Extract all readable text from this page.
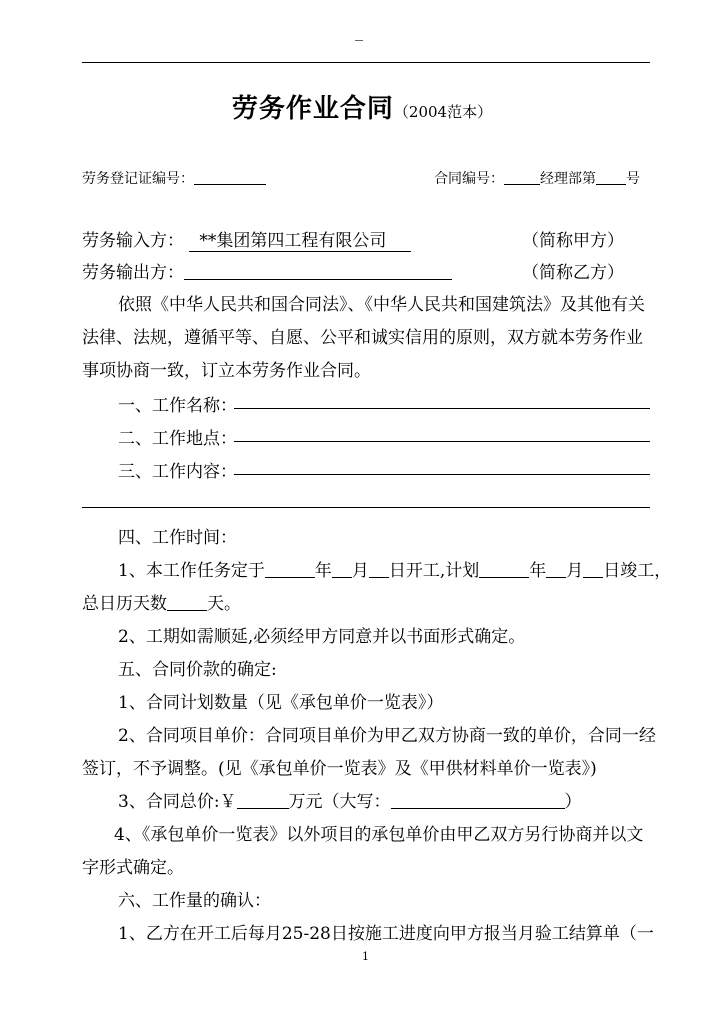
_
劳务作业合同（2004范本）
劳务登记证编号：	合同编号：	经理部第 号
劳务输入方： **集团第四工程有限公司	（简称甲方）
劳务输出方：	（简称乙方）
依照《中华人民共和国合同法》、《中华人民共和国建筑法》及其他有关
法律、法规，遵循平等、自愿、公平和诚实信用的原则，双方就本劳务作业
事项协商一致，订立本劳务作业合同。
一、工作名称：
二、工作地点：
三、工作内容：
四、工作时间：
1、本工作任务定于	年 月 日开工,计划	年 月 日竣工，
总日历天数 天。
2、工期如需顺延,必须经甲方同意并以书面形式确定。
五、合同价款的确定:
1、合同计划数量（见《承包单价一览表》）
2、合同项目单价：合同项目单价为甲乙双方协商一致的单价，合同一经
签订，不予调整。(见《承包单价一览表》及《甲供材料单价一览表》)
3、合同总价:￥	万元（大写：	）
4、《承包单价一览表》以外项目的承包单价由甲乙双方另行协商并以文
字形式确定。
六、工作量的确认：
1、乙方在开工后每月25-28日按施工进度向甲方报当月验工结算单（一
1
